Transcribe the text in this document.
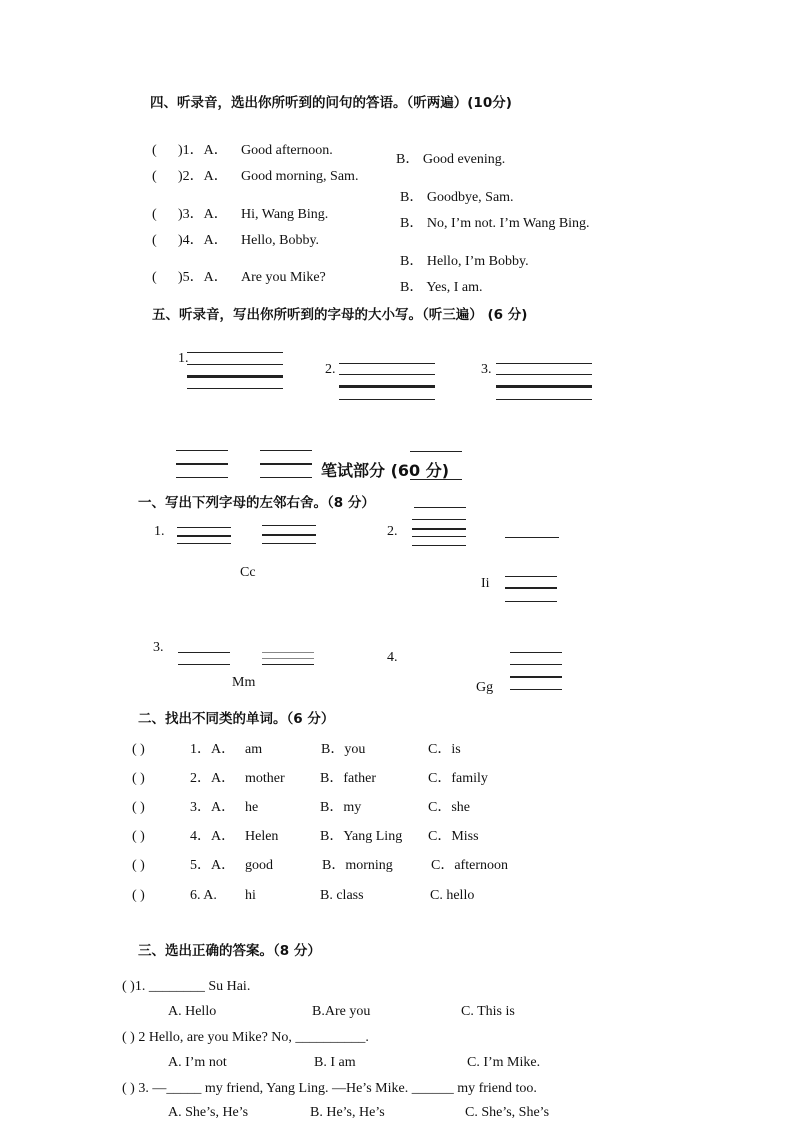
四、听录音，选出你所听到的问句的答语。（听两遍）(10分)
( )1．A． Good afternoon.
B． Good evening.
( )2．A． Good morning, Sam.
B． Goodbye, Sam.
( )3．A． Hi, Wang Bing.
B． No, I’m not. I’m Wang Bing.
( )4．A． Hello, Bobby.
B． Hello, I’m Bobby.
( )5．A． Are you Mike?
B． Yes, I am.
五、听录音，写出你所听到的字母的大小写。（听三遍） (6 分)
1.
2.	3.
笔试部分 (60 分)
一、写出下列字母的左邻右舍。（8 分）
1.
Cc
2.
Ii
3.
Mm
4.
Gg
二、找出不同类的单词。（6 分）
( )	1．A． am	B．you	C．is
( )	2．A． mother	B．father	C．family
( )	3．A． he	B．my	C．she
( )	4．A． Helen	B．Yang Ling C．Miss
( )	5．A． good	B．morning	C．afternoon
( )	6. A. hi	B. class	C. hello
三、选出正确的答案。（8 分）
( )1. ________ Su Hai.
A. Hello	B.Are you	C. This is
( ) 2 Hello, are you Mike? No, __________.
A. I’m not	B. I am	C. I’m Mike.
( ) 3. —_____ my friend, Yang Ling. —He’s Mike. ______ my friend too.
A. She’s, He’s	B. He’s, He’s	C. She’s, She’s
